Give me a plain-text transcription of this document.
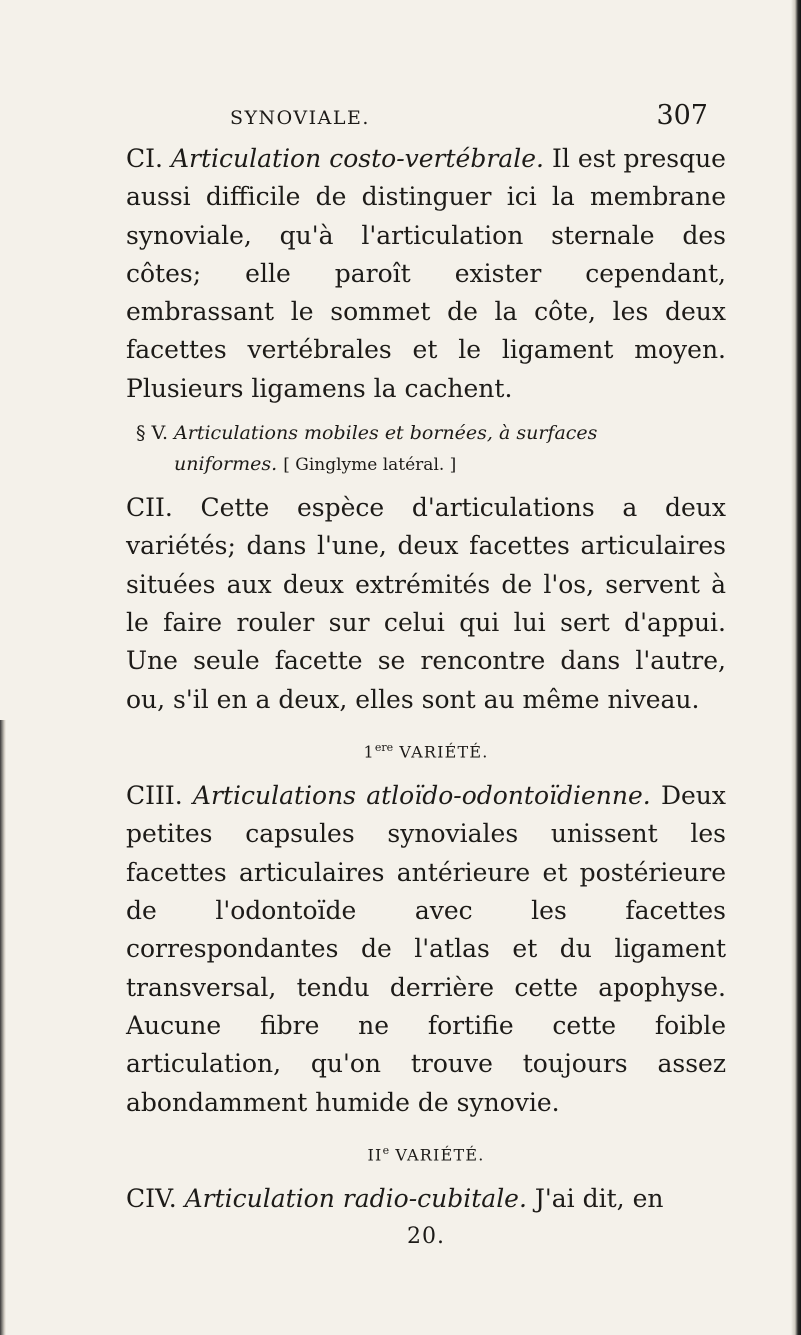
SYNOVIALE.	307

CI. Articulation costo-vertébrale. Il est presque aussi difficile de distinguer ici la membrane synoviale, qu'à l'articulation sternale des côtes; elle paroît exister cependant, embrassant le sommet de la côte, les deux facettes vertébrales et le ligament moyen. Plusieurs ligamens la cachent.

§ V. Articulations mobiles et bornées, à surfaces
uniformes. [ Ginglyme latéral. ]

CII. Cette espèce d'articulations a deux variétés; dans l'une, deux facettes articulaires situées aux deux extrémités de l'os, servent à le faire rouler sur celui qui lui sert d'appui. Une seule facette se rencontre dans l'autre, ou, s'il en a deux, elles sont au même niveau.

1ere VARIÉTÉ.

CIII. Articulations atloïdo-odontoïdienne. Deux petites capsules synoviales unissent les facettes articulaires antérieure et postérieure de l'odontoïde avec les facettes correspondantes de l'atlas et du ligament transversal, tendu derrière cette apophyse. Aucune fibre ne fortifie cette foible articulation, qu'on trouve toujours assez abondamment humide de synovie.

IIe VARIÉTÉ.

CIV. Articulation radio-cubitale. J'ai dit, en

20.
